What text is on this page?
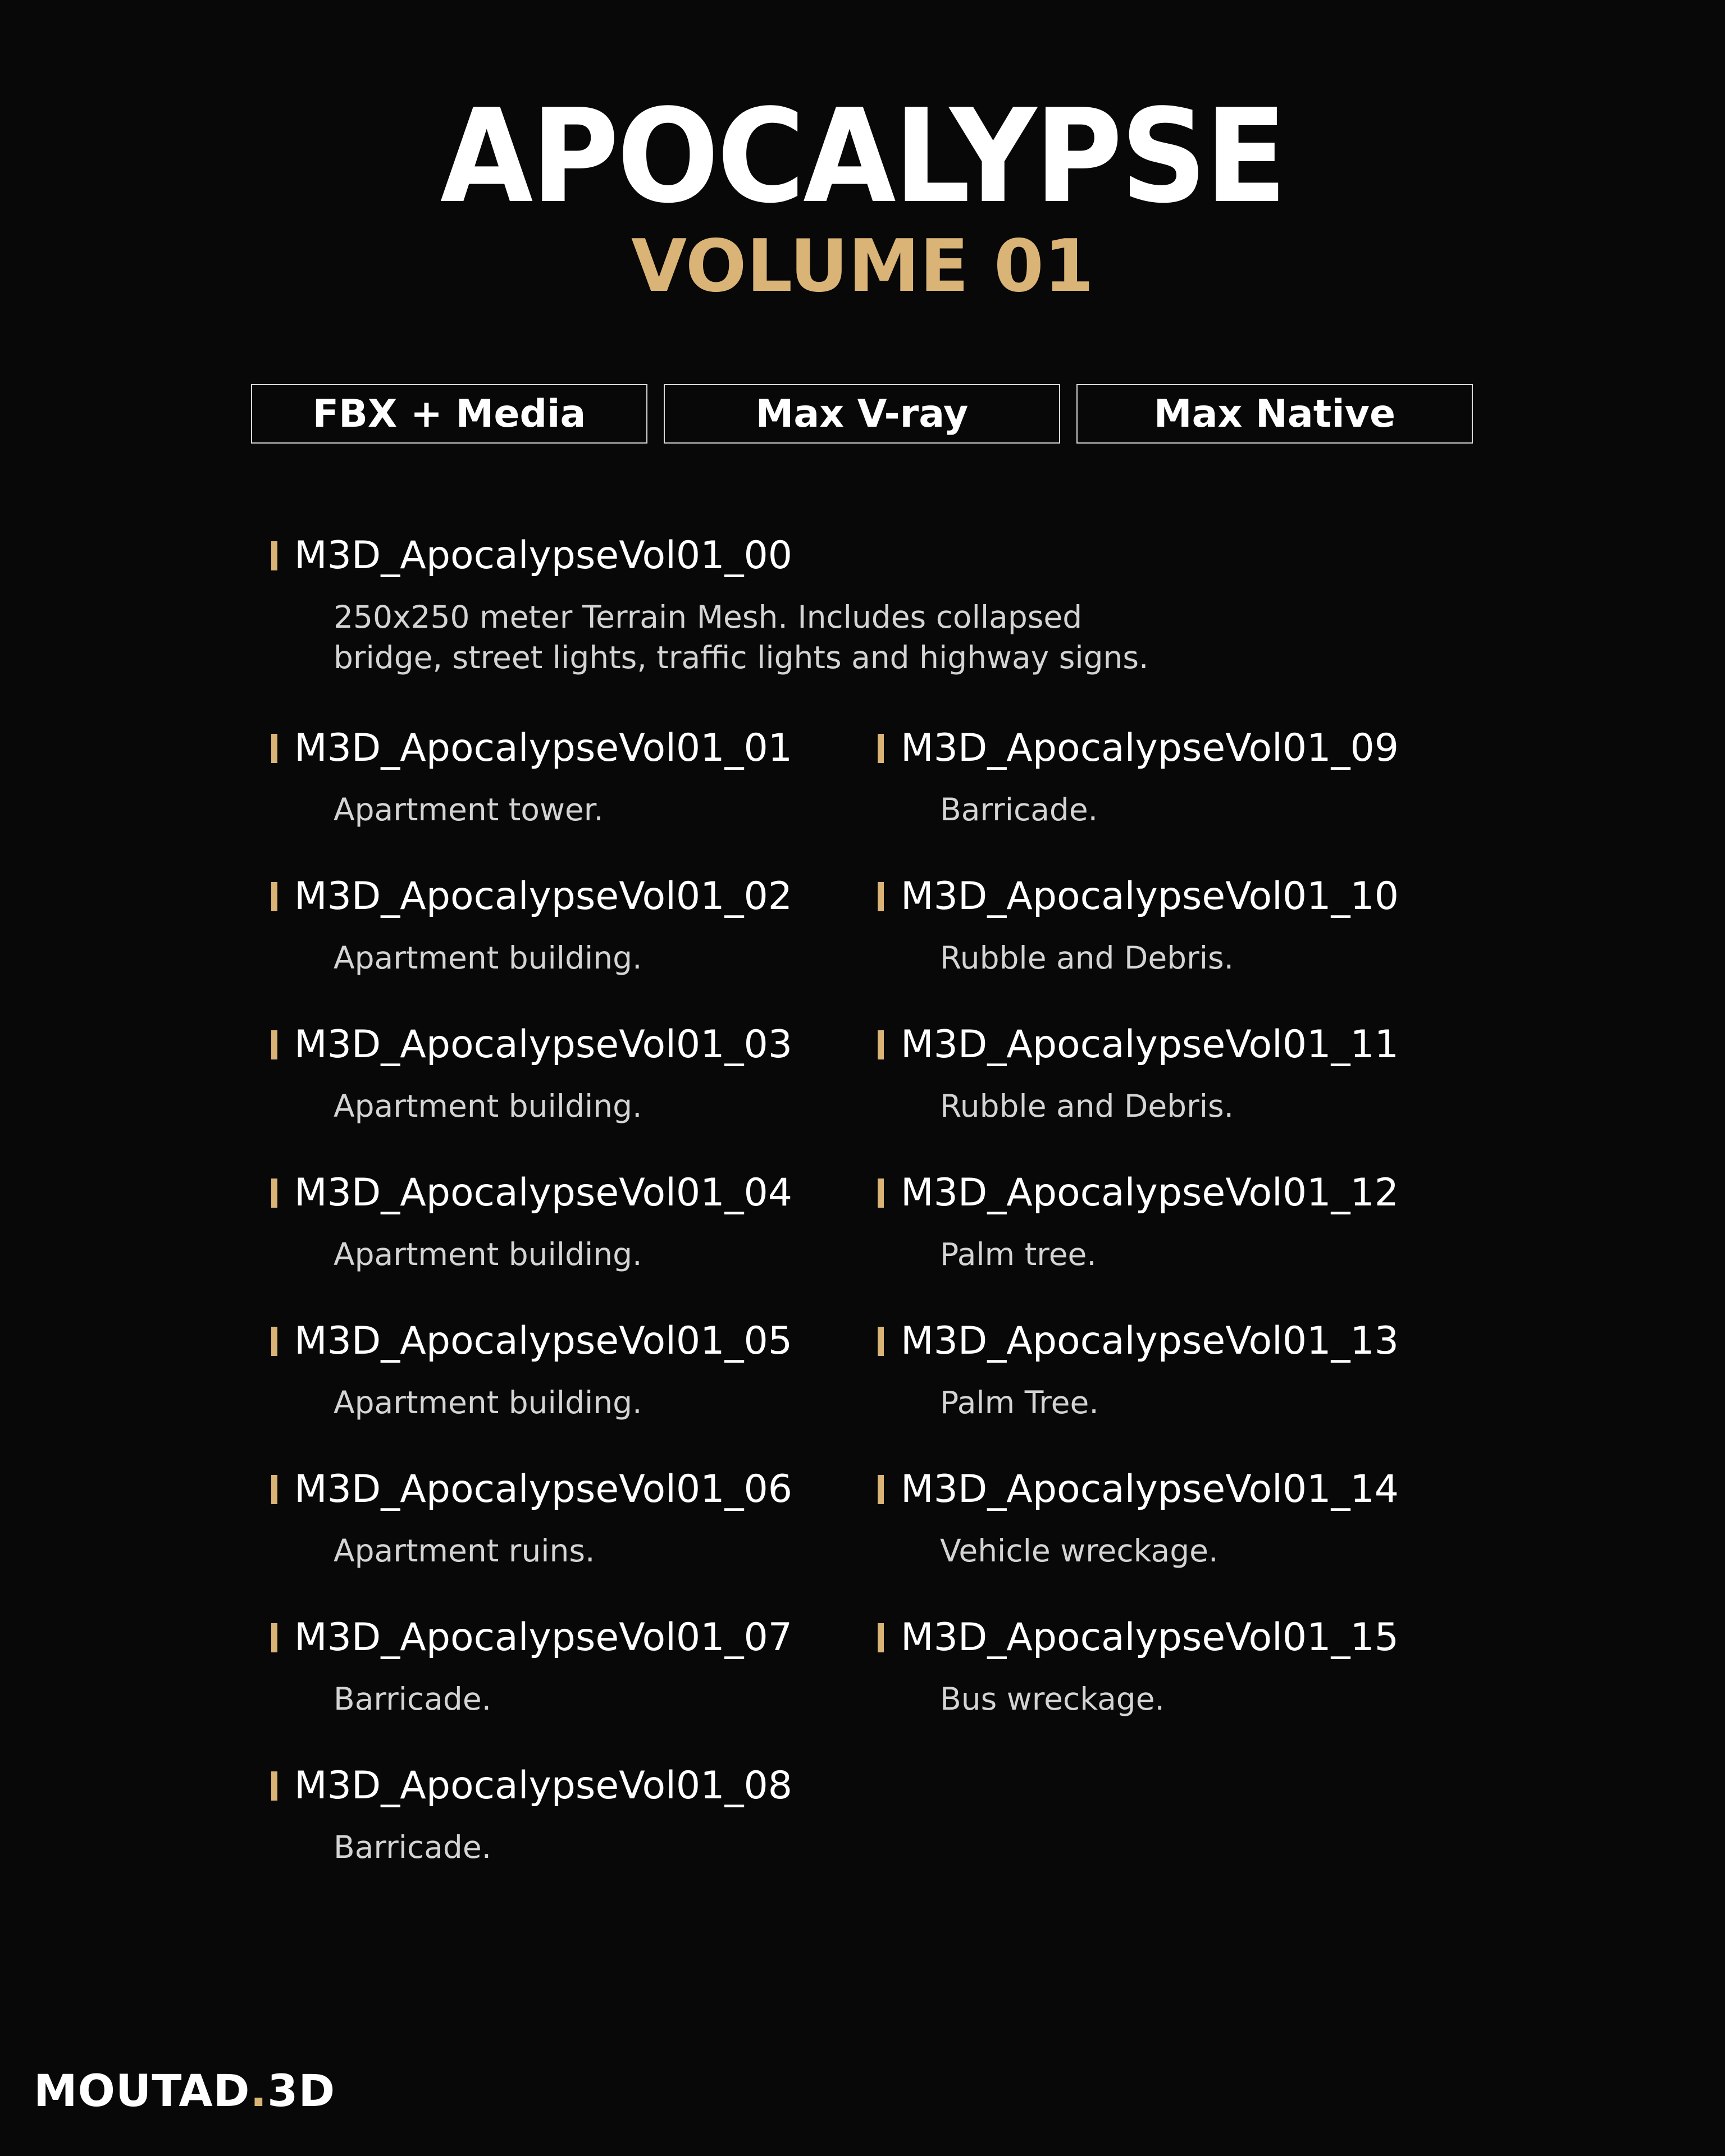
APOCALYPSE
VOLUME 01
FBX + Media	Max V-ray	Max Native
M3D_ApocalypseVol01_00
250x250 meter Terrain Mesh. Includes collapsed
bridge, street lights, traffic lights and highway signs.
M3D_ApocalypseVol01_01
Apartment tower.
M3D_ApocalypseVol01_02
Apartment building.
M3D_ApocalypseVol01_03
Apartment building.
M3D_ApocalypseVol01_04
Apartment building.
M3D_ApocalypseVol01_05
Apartment building.
M3D_ApocalypseVol01_06
Apartment ruins.
M3D_ApocalypseVol01_07
Barricade.
M3D_ApocalypseVol01_08
Barricade.
M3D_ApocalypseVol01_09
Barricade.
M3D_ApocalypseVol01_10
Rubble and Debris.
M3D_ApocalypseVol01_11
Rubble and Debris.
M3D_ApocalypseVol01_12
Palm tree.
M3D_ApocalypseVol01_13
Palm Tree.
M3D_ApocalypseVol01_14
Vehicle wreckage.
M3D_ApocalypseVol01_15
Bus wreckage.
MOUTAD.3D
